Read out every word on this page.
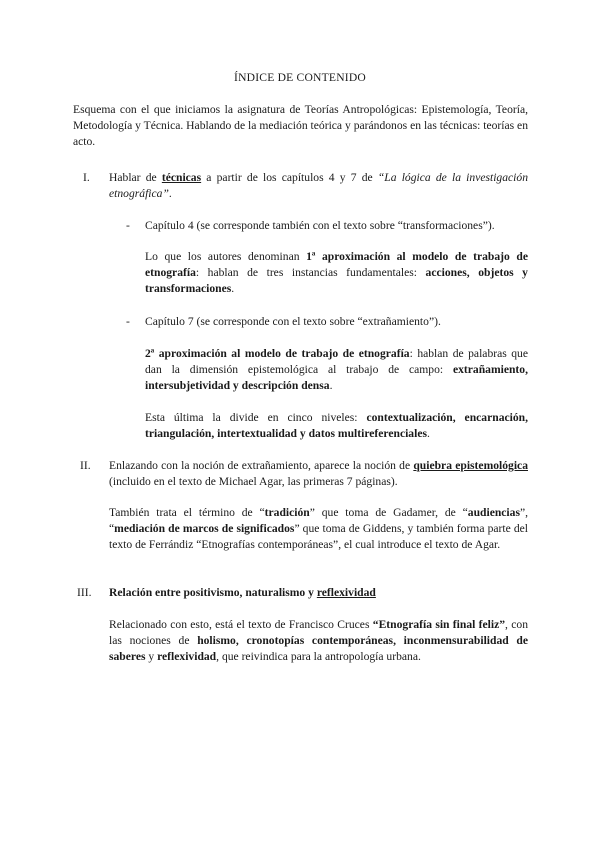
ÍNDICE DE CONTENIDO
Esquema con el que iniciamos la asignatura de Teorías Antropológicas: Epistemología, Teoría, Metodología y Técnica. Hablando de la mediación teórica y parándonos en las técnicas: teorías en acto.
I. Hablar de técnicas a partir de los capítulos 4 y 7 de “La lógica de la investigación etnográfica”.
- Capítulo 4 (se corresponde también con el texto sobre “transformaciones”).
Lo que los autores denominan 1ª aproximación al modelo de trabajo de etnografía: hablan de tres instancias fundamentales: acciones, objetos y transformaciones.
- Capítulo 7 (se corresponde con el texto sobre “extrañamiento”).
2ª aproximación al modelo de trabajo de etnografía: hablan de palabras que dan la dimensión epistemológica al trabajo de campo: extrañamiento, intersubjetividad y descripción densa.
Esta última la divide en cinco niveles: contextualización, encarnación, triangulación, intertextualidad y datos multireferenciales.
II. Enlazando con la noción de extrañamiento, aparece la noción de quiebra epistemológica (incluido en el texto de Michael Agar, las primeras 7 páginas).
También trata el término de “tradición” que toma de Gadamer, de “audiencias”, “mediación de marcos de significados” que toma de Giddens, y también forma parte del texto de Ferrándiz “Etnografías contemporáneas”, el cual introduce el texto de Agar.
III. Relación entre positivismo, naturalismo y reflexividad
Relacionado con esto, está el texto de Francisco Cruces “Etnografía sin final feliz”, con las nociones de holismo, cronotopías contemporáneas, inconmensurabilidad de saberes y reflexividad, que reivindica para la antropología urbana.
